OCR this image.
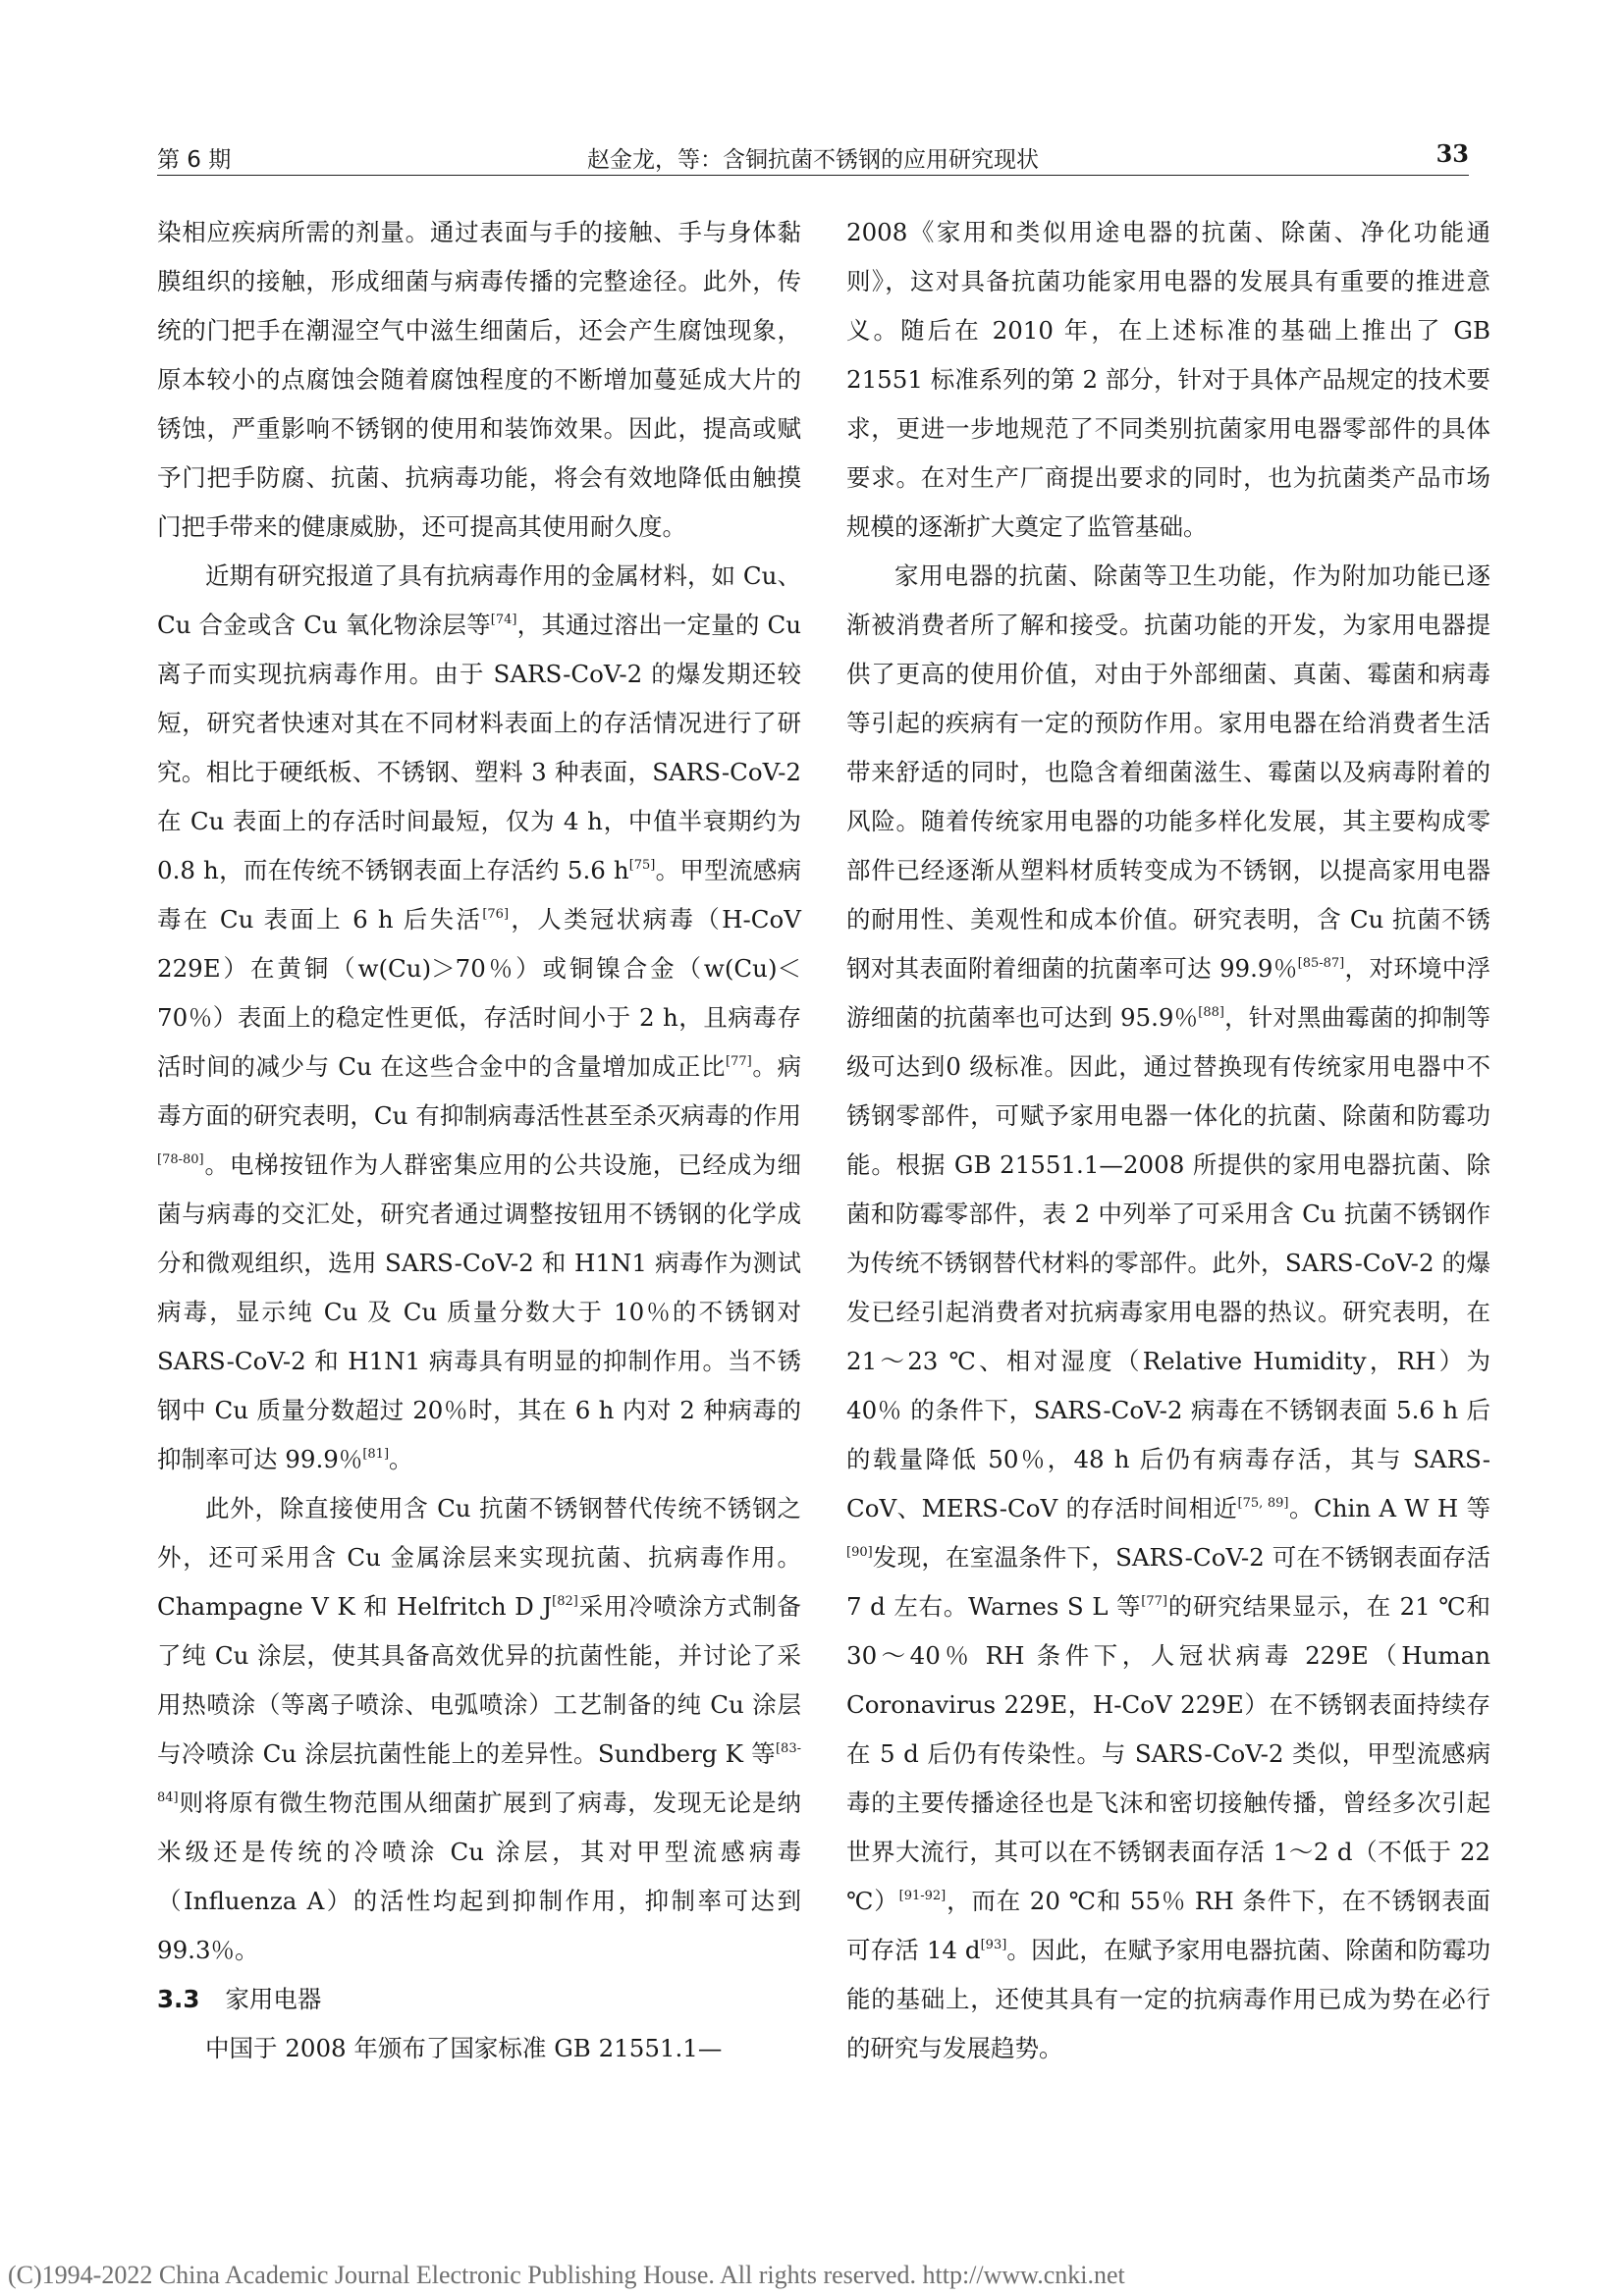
第 6 期	赵金龙，等：含铜抗菌不锈钢的应用研究现状	33

染相应疾病所需的剂量。通过表面与手的接触、手与身体黏膜组织的接触，形成细菌与病毒传播的完整途径。此外，传统的门把手在潮湿空气中滋生细菌后，还会产生腐蚀现象，原本较小的点腐蚀会随着腐蚀程度的不断增加蔓延成大片的锈蚀，严重影响不锈钢的使用和装饰效果。因此，提高或赋予门把手防腐、抗菌、抗病毒功能，将会有效地降低由触摸门把手带来的健康威胁，还可提高其使用耐久度。

近期有研究报道了具有抗病毒作用的金属材料，如 Cu、Cu 合金或含 Cu 氧化物涂层等[74]，其通过溶出一定量的 Cu 离子而实现抗病毒作用。由于 SARS-CoV-2 的爆发期还较短，研究者快速对其在不同材料表面上的存活情况进行了研究。相比于硬纸板、不锈钢、塑料 3 种表面，SARS-CoV-2 在 Cu 表面上的存活时间最短，仅为 4 h，中值半衰期约为 0.8 h，而在传统不锈钢表面上存活约 5.6 h[75]。甲型流感病毒在 Cu 表面上 6 h 后失活[76]，人类冠状病毒（H-CoV 229E）在黄铜（w(Cu)＞70％）或铜镍合金（w(Cu)＜70％）表面上的稳定性更低，存活时间小于 2 h，且病毒存活时间的减少与 Cu 在这些合金中的含量增加成正比[77]。病毒方面的研究表明，Cu 有抑制病毒活性甚至杀灭病毒的作用[78-80]。电梯按钮作为人群密集应用的公共设施，已经成为细菌与病毒的交汇处，研究者通过调整按钮用不锈钢的化学成分和微观组织，选用 SARS-CoV-2 和 H1N1 病毒作为测试病毒，显示纯 Cu 及 Cu 质量分数大于 10％的不锈钢对 SARS-CoV-2 和 H1N1 病毒具有明显的抑制作用。当不锈钢中 Cu 质量分数超过 20％时，其在 6 h 内对 2 种病毒的抑制率可达 99.9％[81]。

此外，除直接使用含 Cu 抗菌不锈钢替代传统不锈钢之外，还可采用含 Cu 金属涂层来实现抗菌、抗病毒作用。Champagne V K 和 Helfritch D J[82]采用冷喷涂方式制备了纯 Cu 涂层，使其具备高效优异的抗菌性能，并讨论了采用热喷涂（等离子喷涂、电弧喷涂）工艺制备的纯 Cu 涂层与冷喷涂 Cu 涂层抗菌性能上的差异性。Sundberg K 等[83-84]则将原有微生物范围从细菌扩展到了病毒，发现无论是纳米级还是传统的冷喷涂 Cu 涂层，其对甲型流感病毒（Influenza A）的活性均起到抑制作用，抑制率可达到 99.3％。

3.3 家用电器

中国于 2008 年颁布了国家标准 GB 21551.1—

2008《家用和类似用途电器的抗菌、除菌、净化功能通则》，这对具备抗菌功能家用电器的发展具有重要的推进意义。随后在 2010 年，在上述标准的基础上推出了 GB 21551 标准系列的第 2 部分，针对于具体产品规定的技术要求，更进一步地规范了不同类别抗菌家用电器零部件的具体要求。在对生产厂商提出要求的同时，也为抗菌类产品市场规模的逐渐扩大奠定了监管基础。

家用电器的抗菌、除菌等卫生功能，作为附加功能已逐渐被消费者所了解和接受。抗菌功能的开发，为家用电器提供了更高的使用价值，对由于外部细菌、真菌、霉菌和病毒等引起的疾病有一定的预防作用。家用电器在给消费者生活带来舒适的同时，也隐含着细菌滋生、霉菌以及病毒附着的风险。随着传统家用电器的功能多样化发展，其主要构成零部件已经逐渐从塑料材质转变成为不锈钢，以提高家用电器的耐用性、美观性和成本价值。研究表明，含 Cu 抗菌不锈钢对其表面附着细菌的抗菌率可达 99.9％[85-87]，对环境中浮游细菌的抗菌率也可达到 95.9％[88]，针对黑曲霉菌的抑制等级可达到0 级标准。因此，通过替换现有传统家用电器中不锈钢零部件，可赋予家用电器一体化的抗菌、除菌和防霉功能。根据 GB 21551.1—2008 所提供的家用电器抗菌、除菌和防霉零部件，表 2 中列举了可采用含 Cu 抗菌不锈钢作为传统不锈钢替代材料的零部件。此外，SARS-CoV-2 的爆发已经引起消费者对抗病毒家用电器的热议。研究表明，在 21～23 ℃、相对湿度（Relative Humidity，RH）为 40％ 的条件下，SARS-CoV-2 病毒在不锈钢表面 5.6 h 后的载量降低 50％，48 h 后仍有病毒存活，其与 SARS-CoV、MERS-CoV 的存活时间相近[75, 89]。Chin A W H 等[90]发现，在室温条件下，SARS-CoV-2 可在不锈钢表面存活 7 d 左右。Warnes S L 等[77]的研究结果显示，在 21 ℃和 30～40％ RH 条件下，人冠状病毒 229E（Human Coronavirus 229E，H-CoV 229E）在不锈钢表面持续存在 5 d 后仍有传染性。与 SARS-CoV-2 类似，甲型流感病毒的主要传播途径也是飞沫和密切接触传播，曾经多次引起世界大流行，其可以在不锈钢表面存活 1～2 d（不低于 22 ℃）[91-92]，而在 20 ℃和 55％ RH 条件下，在不锈钢表面可存活 14 d[93]。因此，在赋予家用电器抗菌、除菌和防霉功能的基础上，还使其具有一定的抗病毒作用已成为势在必行的研究与发展趋势。

(C)1994-2022 China Academic Journal Electronic Publishing House. All rights reserved. http://www.cnki.net
